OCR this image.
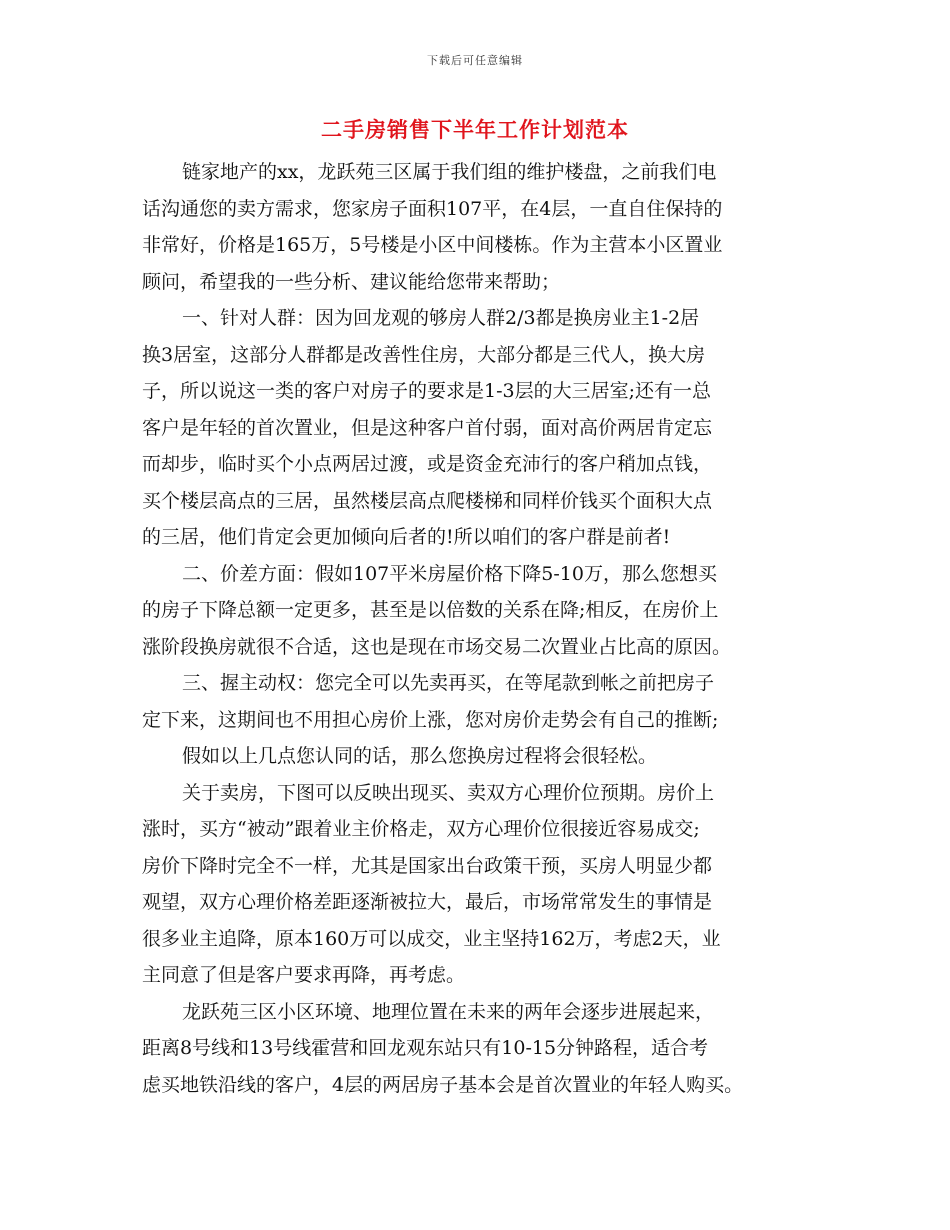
下载后可任意编辑
二手房销售下半年工作计划范本
链家地产的xx，龙跃苑三区属于我们组的维护楼盘，之前我们电
话沟通您的卖方需求，您家房子面积107平，在4层，一直自住保持的
非常好，价格是165万，5号楼是小区中间楼栋。作为主营本小区置业
顾问，希望我的一些分析、建议能给您带来帮助；
一、针对人群：因为回龙观的够房人群2/3都是换房业主1-2居
换3居室，这部分人群都是改善性住房，大部分都是三代人，换大房
子，所以说这一类的客户对房子的要求是1-3层的大三居室;还有一总
客户是年轻的首次置业，但是这种客户首付弱，面对高价两居肯定忘
而却步，临时买个小点两居过渡，或是资金充沛行的客户稍加点钱，
买个楼层高点的三居，虽然楼层高点爬楼梯和同样价钱买个面积大点
的三居，他们肯定会更加倾向后者的!所以咱们的客户群是前者!
二、价差方面：假如107平米房屋价格下降5-10万，那么您想买
的房子下降总额一定更多，甚至是以倍数的关系在降;相反，在房价上
涨阶段换房就很不合适，这也是现在市场交易二次置业占比高的原因。
三、握主动权：您完全可以先卖再买，在等尾款到帐之前把房子
定下来，这期间也不用担心房价上涨，您对房价走势会有自己的推断;
假如以上几点您认同的话，那么您换房过程将会很轻松。
关于卖房，下图可以反映出现买、卖双方心理价位预期。房价上
涨时，买方“被动”跟着业主价格走，双方心理价位很接近容易成交;
房价下降时完全不一样，尤其是国家出台政策干预，买房人明显少都
观望，双方心理价格差距逐渐被拉大，最后，市场常常发生的事情是
很多业主追降，原本160万可以成交，业主坚持162万，考虑2天，业
主同意了但是客户要求再降，再考虑。
龙跃苑三区小区环境、地理位置在未来的两年会逐步进展起来，
距离8号线和13号线霍营和回龙观东站只有10-15分钟路程，适合考
虑买地铁沿线的客户，4层的两居房子基本会是首次置业的年轻人购买。
